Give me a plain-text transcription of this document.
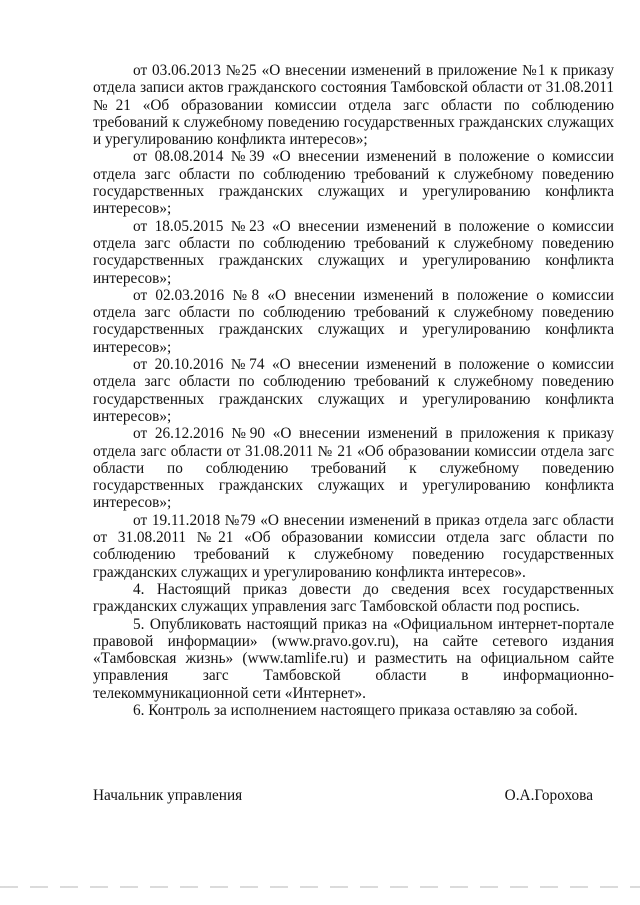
от 03.06.2013 №25 «О внесении изменений в приложение №1 к приказу отдела записи актов гражданского состояния Тамбовской области от 31.08.2011 №21 «Об образовании комиссии отдела загс области по соблюдению требований к служебному поведению государственных гражданских служащих и урегулированию конфликта интересов»;

от 08.08.2014 №39 «О внесении изменений в положение о комиссии отдела загс области по соблюдению требований к служебному поведению государственных гражданских служащих и урегулированию конфликта интересов»;

от 18.05.2015 №23 «О внесении изменений в положение о комиссии отдела загс области по соблюдению требований к служебному поведению государственных гражданских служащих и урегулированию конфликта интересов»;

от 02.03.2016 №8 «О внесении изменений в положение о комиссии отдела загс области по соблюдению требований к служебному поведению государственных гражданских служащих и урегулированию конфликта интересов»;

от 20.10.2016 №74 «О внесении изменений в положение о комиссии отдела загс области по соблюдению требований к служебному поведению государственных гражданских служащих и урегулированию конфликта интересов»;

от 26.12.2016 №90 «О внесении изменений в приложения к приказу отдела загс области от 31.08.2011 № 21 «Об образовании комиссии отдела загс области по соблюдению требований к служебному поведению государственных гражданских служащих и урегулированию конфликта интересов»;

от 19.11.2018 №79 «О внесении изменений в приказ отдела загс области от 31.08.2011 №21 «Об образовании комиссии отдела загс области по соблюдению требований к служебному поведению государственных гражданских служащих и урегулированию конфликта интересов».

4. Настоящий приказ довести до сведения всех государственных гражданских служащих управления загс Тамбовской области под роспись.

5. Опубликовать настоящий приказ на «Официальном интернет-портале правовой информации» (www.pravo.gov.ru), на сайте сетевого издания «Тамбовская жизнь» (www.tamlife.ru) и разместить на официальном сайте управления загс Тамбовской области в информационно-телекоммуникационной сети «Интернет».

6. Контроль за исполнением настоящего приказа оставляю за собой.

Начальник управления	О.А.Горохова
